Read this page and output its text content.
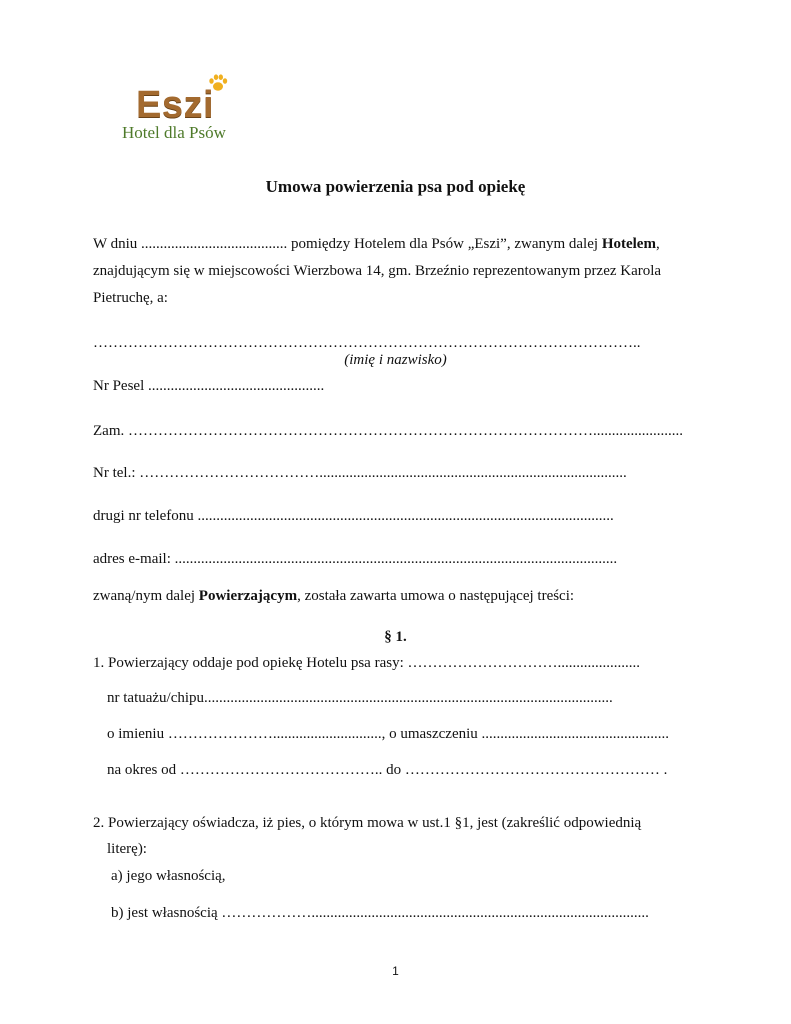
Eszi
Hotel dla Psów
Umowa powierzenia psa pod opiekę
W dniu ....................................... pomiędzy Hotelem dla Psów „Eszi”, zwanym dalej Hotelem,
znajdującym się w miejscowości Wierzbowa 14, gm. Brzeźnio reprezentowanym przez Karola
Pietruchę, a:
………………………………………………………………………………………………..
(imię i nazwisko)
Nr Pesel ...............................................
Zam. …………………………………………………………………………………........................
Nr tel.: ………………………………..................................................................................
drugi nr telefonu ...............................................................................................................
adres e-mail: ......................................................................................................................
zwaną/nym dalej Powierzającym, została zawarta umowa o następującej treści:
§ 1.
1. Powierzający oddaje pod opiekę Hotelu psa rasy: …………………………......................
nr tatuażu/chipu.............................................................................................................
o imieniu …………………............................., o umaszczeniu ..................................................
na okres od ………………………………….. do …………………………………………… .
2. Powierzający oświadcza, iż pies, o którym mowa w ust.1 §1, jest (zakreślić odpowiednią
literę):
a) jego własnością,
b) jest własnością ………………..........................................................................................
1
